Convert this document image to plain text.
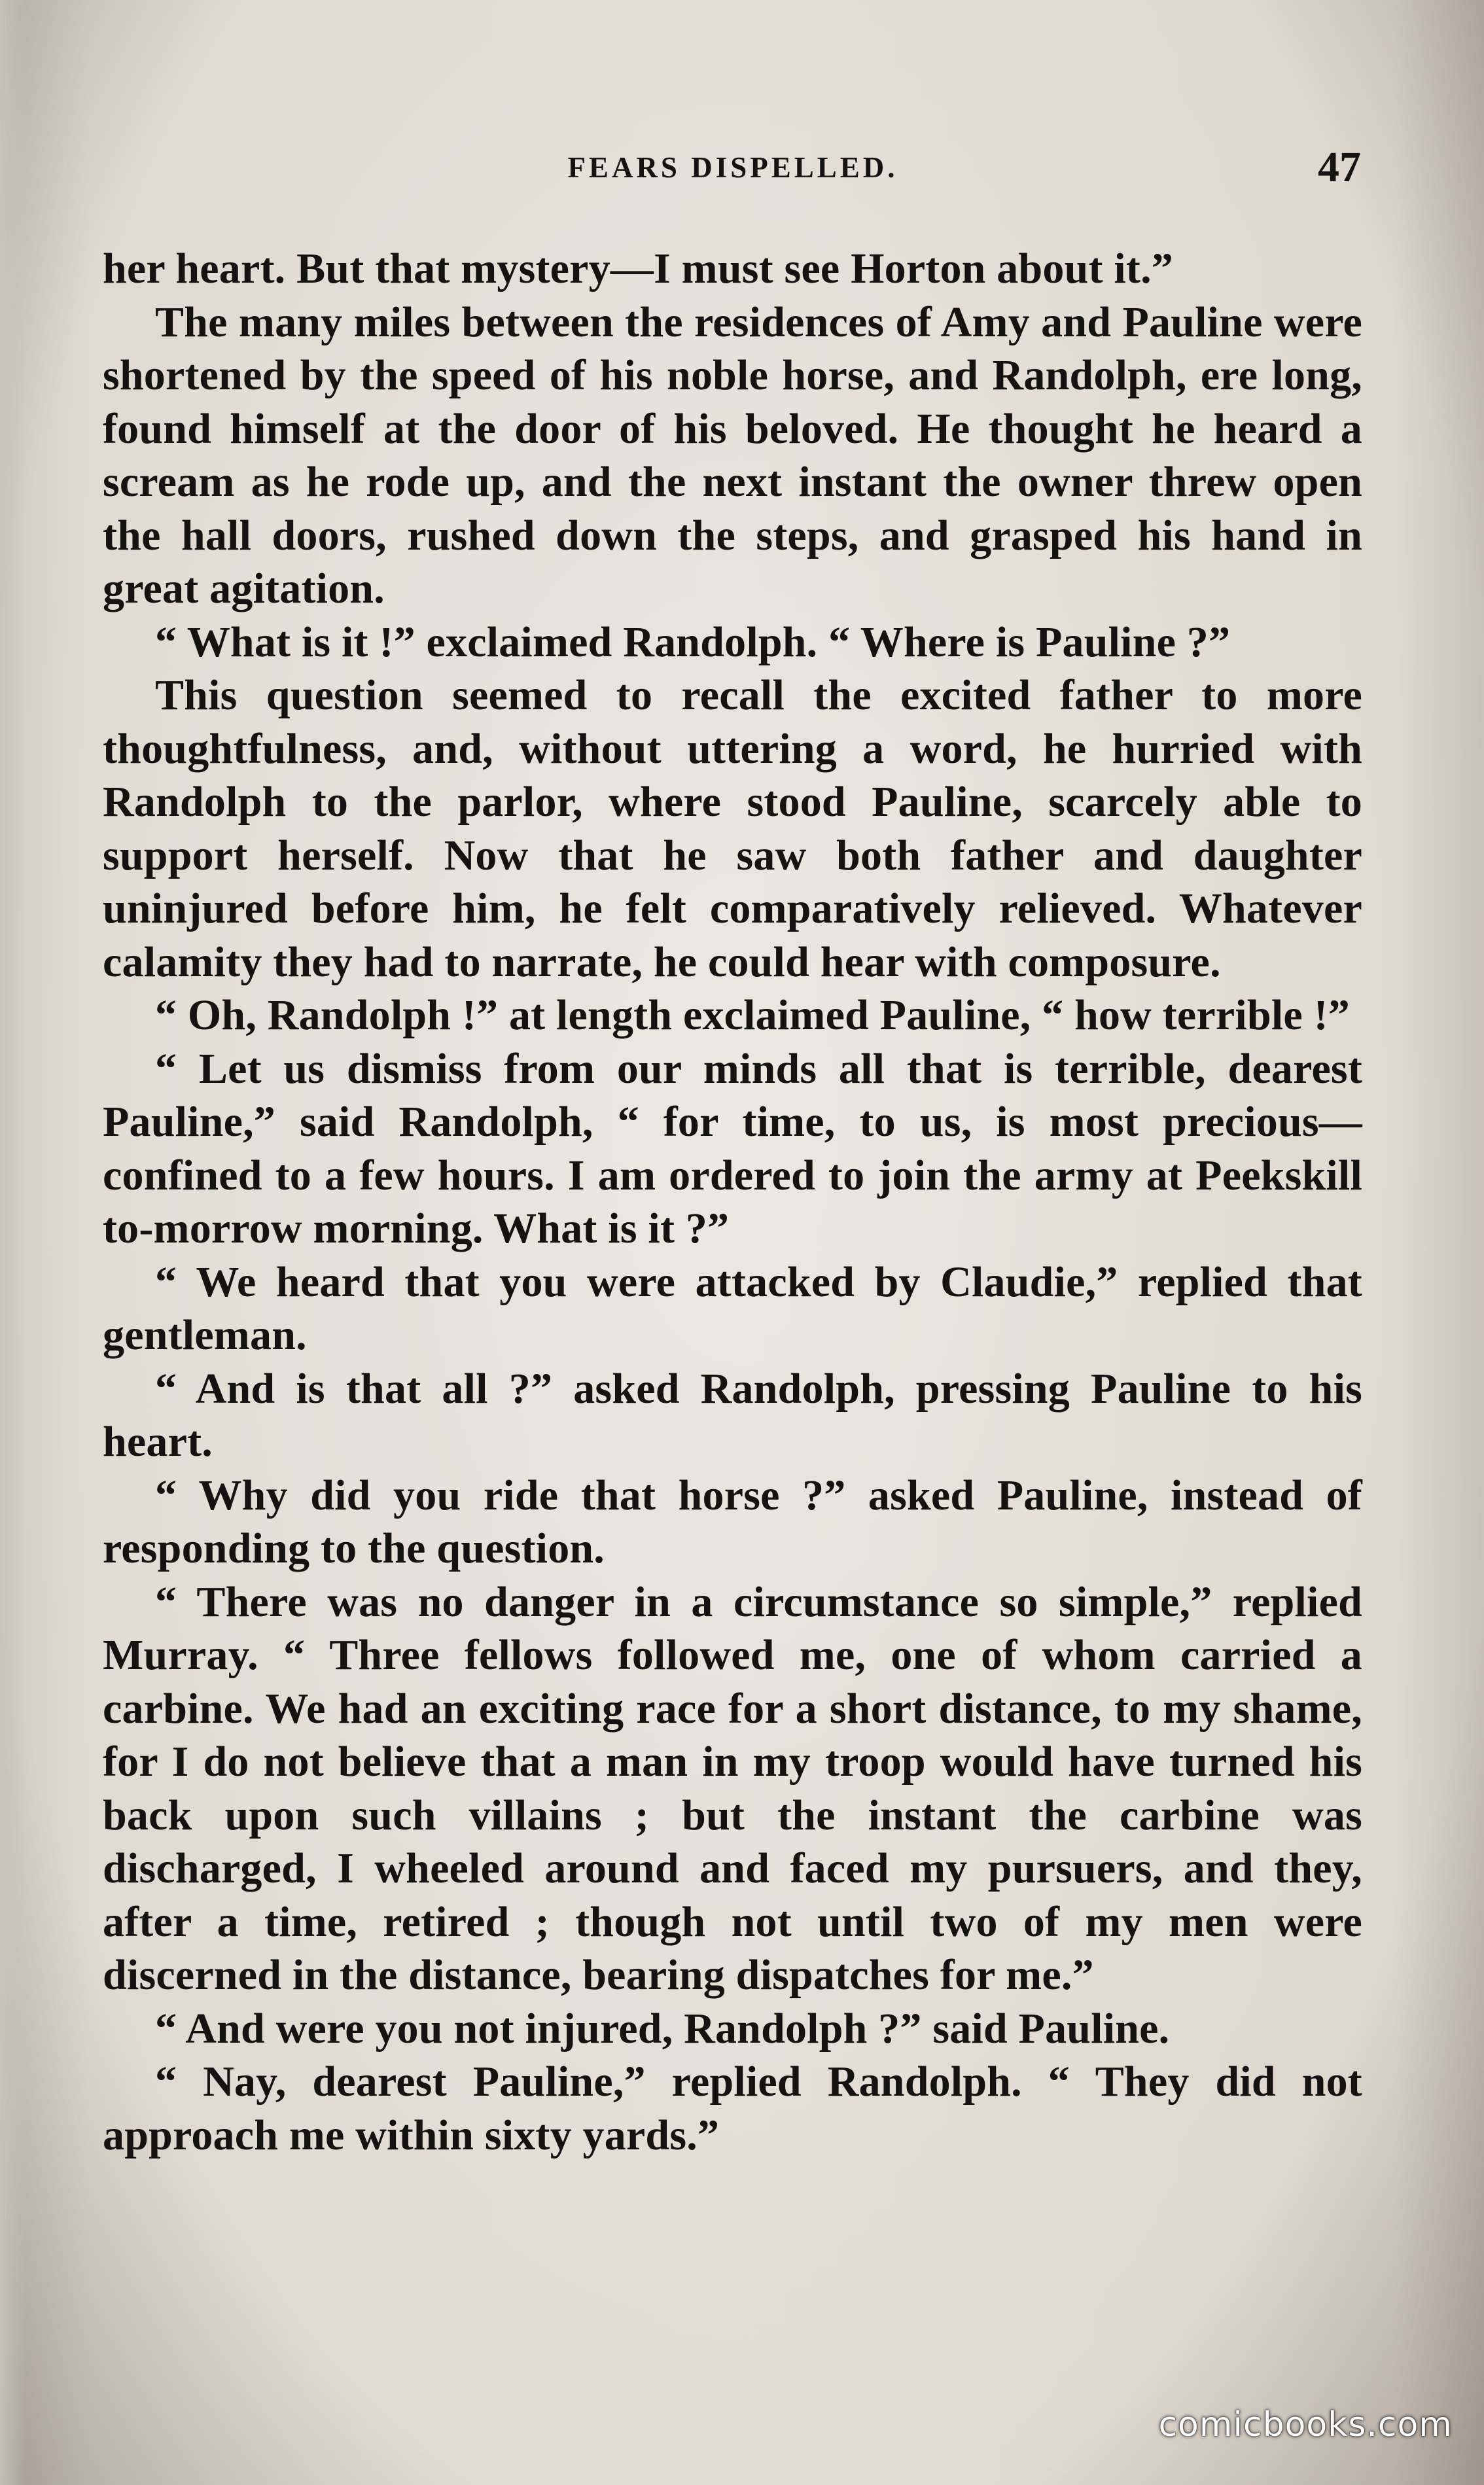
FEARS DISPELLED.	47

her heart. But that mystery—I must see Horton about it.”

The many miles between the residences of Amy and Pauline were shortened by the speed of his noble horse, and Randolph, ere long, found himself at the door of his beloved. He thought he heard a scream as he rode up, and the next instant the owner threw open the hall doors, rushed down the steps, and grasped his hand in great agitation.

“ What is it !” exclaimed Randolph. “ Where is Pauline ?”

This question seemed to recall the excited father to more thoughtfulness, and, without uttering a word, he hurried with Randolph to the parlor, where stood Pauline, scarcely able to support herself. Now that he saw both father and daughter uninjured before him, he felt comparatively relieved. Whatever calamity they had to narrate, he could hear with composure.

“ Oh, Randolph !” at length exclaimed Pauline, “ how terrible !”

“ Let us dismiss from our minds all that is terrible, dearest Pauline,” said Randolph, “ for time, to us, is most precious—confined to a few hours. I am ordered to join the army at Peekskill to-morrow morning. What is it ?”

“ We heard that you were attacked by Claudie,” replied that gentleman.

“ And is that all ?” asked Randolph, pressing Pauline to his heart.

“ Why did you ride that horse ?” asked Pauline, instead of responding to the question.

“ There was no danger in a circumstance so simple,” replied Murray. “ Three fellows followed me, one of whom carried a carbine. We had an exciting race for a short distance, to my shame, for I do not believe that a man in my troop would have turned his back upon such villains ; but the instant the carbine was discharged, I wheeled around and faced my pursuers, and they, after a time, retired ; though not until two of my men were discerned in the distance, bearing dispatches for me.”

“ And were you not injured, Randolph ?” said Pauline.

“ Nay, dearest Pauline,” replied Randolph. “ They did not approach me within sixty yards.”

comicbooks.com
